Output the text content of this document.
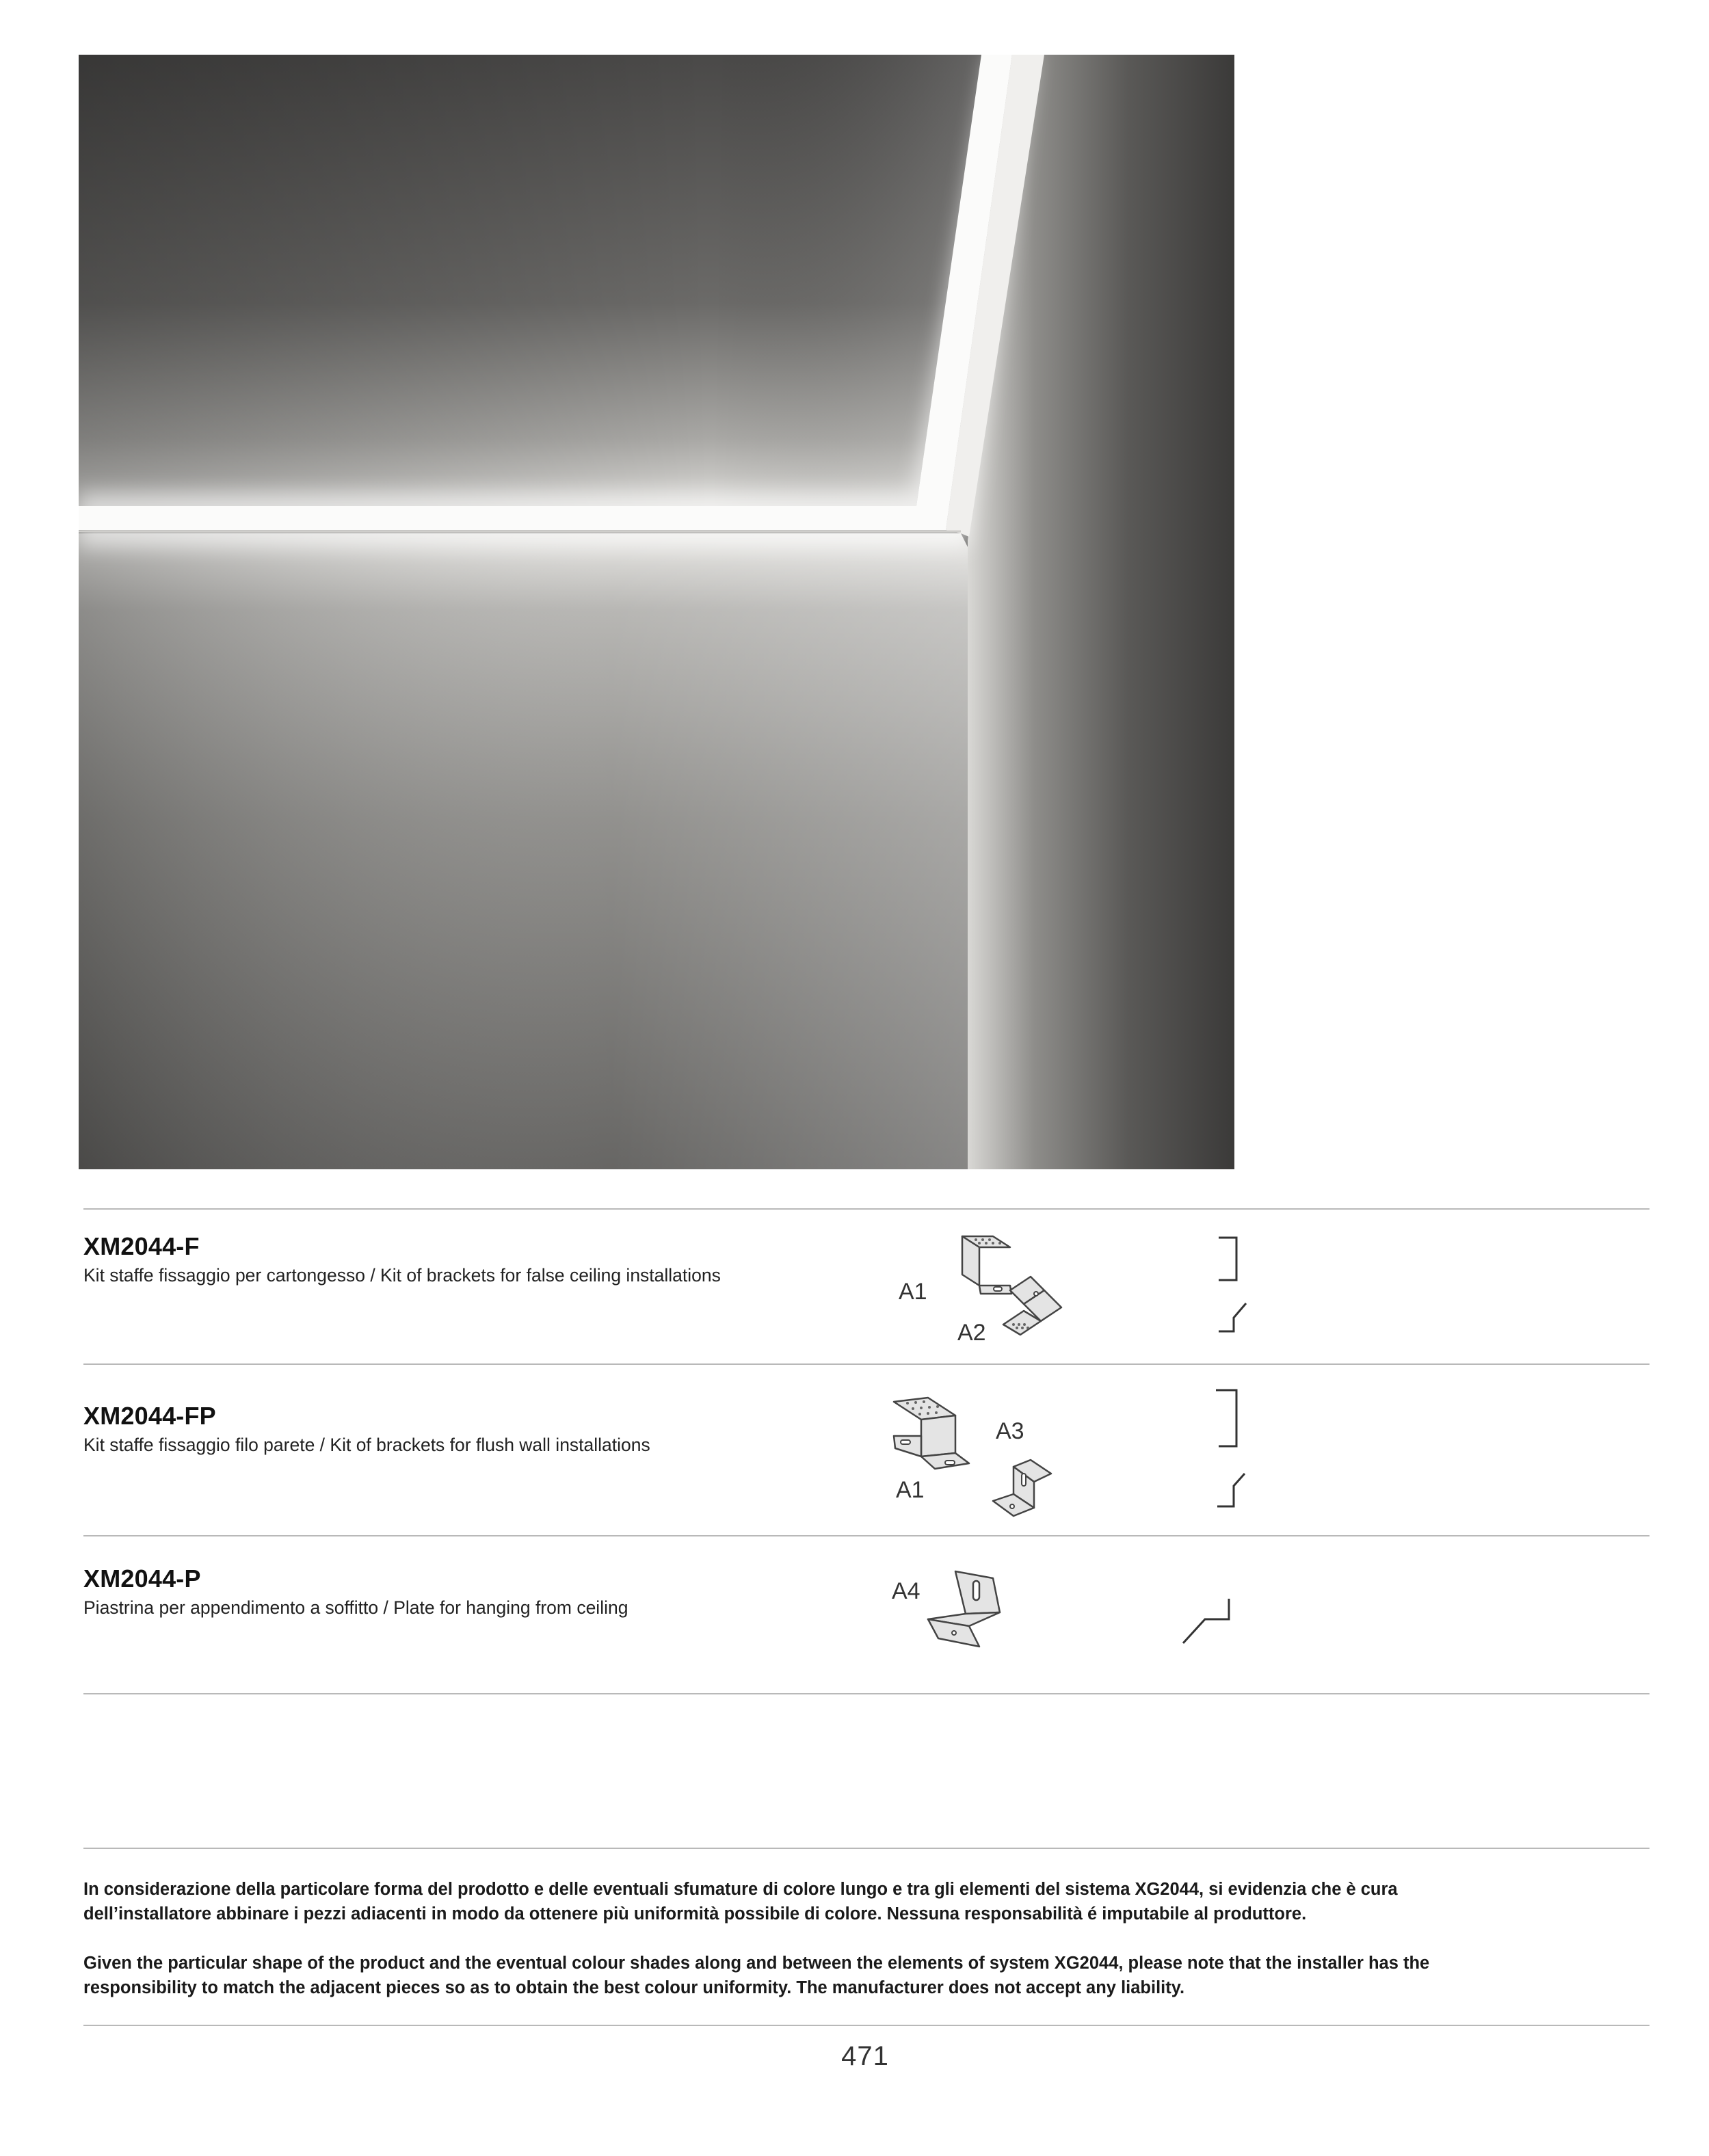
XM2044-F
Kit staffe fissaggio per cartongesso / Kit of brackets for false ceiling installations
A1
A2
XM2044-FP
Kit staffe fissaggio filo parete / Kit of brackets for flush wall installations
A3
A1
XM2044-P
Piastrina per appendimento a soffitto / Plate for hanging from ceiling
A4

In considerazione della particolare forma del prodotto e delle eventuali sfumature di colore lungo e tra gli elementi del sistema XG2044, si evidenzia che è cura dell’installatore abbinare i pezzi adiacenti in modo da ottenere più uniformità possibile di colore. Nessuna responsabilità é imputabile al produttore.

Given the particular shape of the product and the eventual colour shades along and between the elements of system XG2044, please note that the installer has the responsibility to match the adjacent pieces so as to obtain the best colour uniformity. The manufacturer does not accept any liability.

471
